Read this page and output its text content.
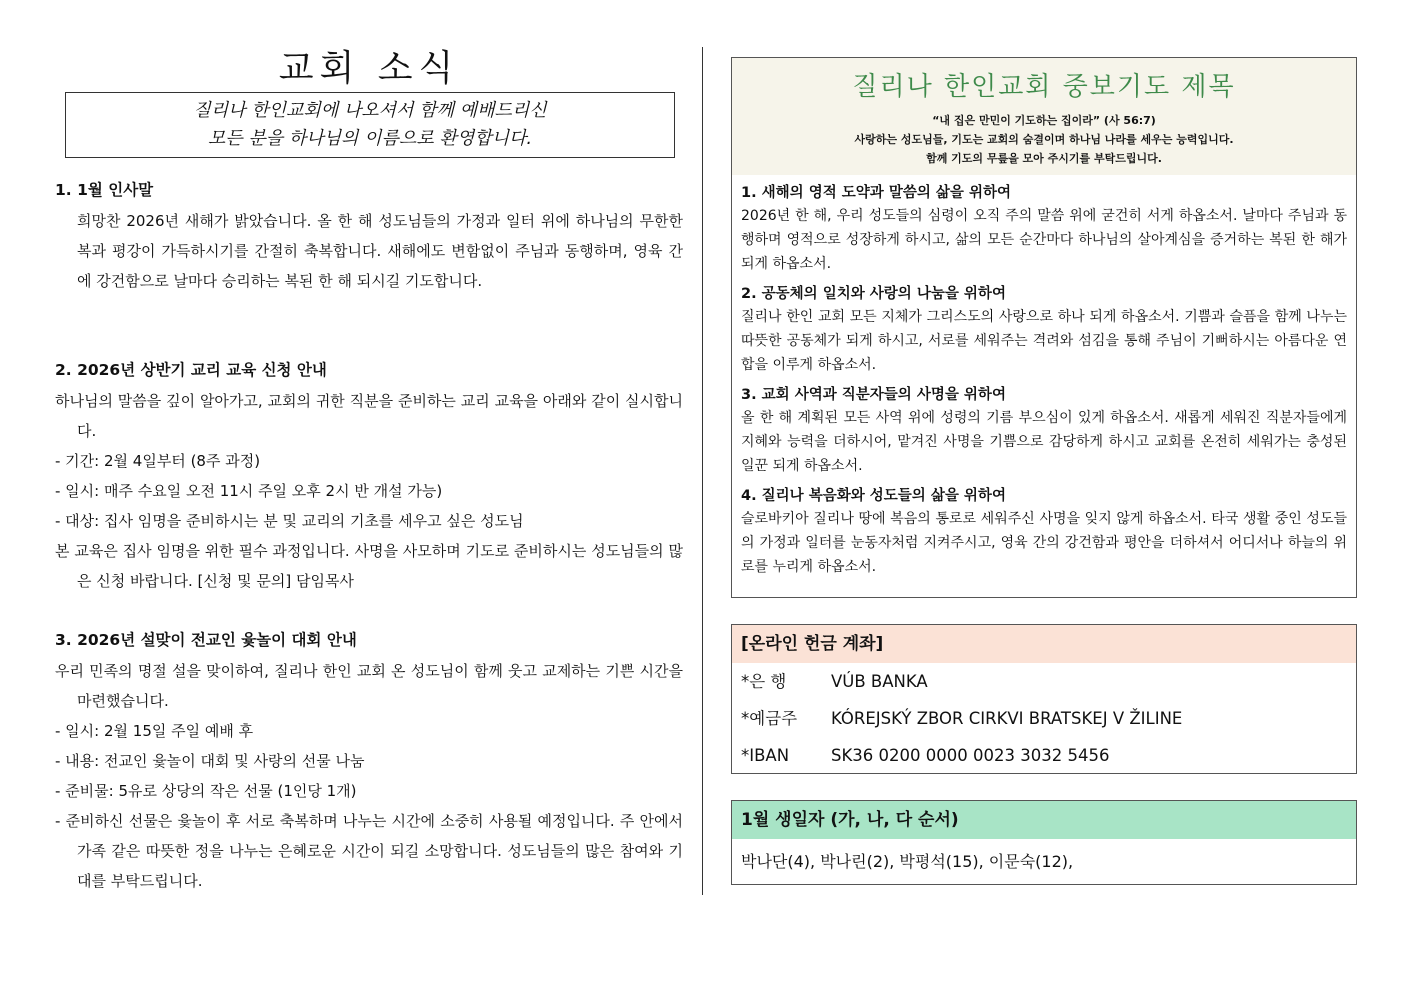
교회 소식
질리나 한인교회에 나오셔서 함께 예배드리신
모든 분을 하나님의 이름으로 환영합니다.
1. 1월 인사말

희망찬 2026년 새해가 밝았습니다. 올 한 해 성도님들의 가정과 일터 위에 하나님의 무한한 복과 평강이 가득하시기를 간절히 축복합니다. 새해에도 변함없이 주님과 동행하며, 영육 간에 강건함으로 날마다 승리하는 복된 한 해 되시길 기도합니다.

2. 2026년 상반기 교리 교육 신청 안내

하나님의 말씀을 깊이 알아가고, 교회의 귀한 직분을 준비하는 교리 교육을 아래와 같이 실시합니다.

- 기간: 2월 4일부터 (8주 과정)

- 일시: 매주 수요일 오전 11시 주일 오후 2시 반 개설 가능)

- 대상: 집사 임명을 준비하시는 분 및 교리의 기초를 세우고 싶은 성도님

본 교육은 집사 임명을 위한 필수 과정입니다. 사명을 사모하며 기도로 준비하시는 성도님들의 많은 신청 바랍니다. [신청 및 문의] 담임목사

3. 2026년 설맞이 전교인 윷놀이 대회 안내

우리 민족의 명절 설을 맞이하여, 질리나 한인 교회 온 성도님이 함께 웃고 교제하는 기쁜 시간을 마련했습니다.

- 일시: 2월 15일 주일 예배 후

- 내용: 전교인 윷놀이 대회 및 사랑의 선물 나눔

- 준비물: 5유로 상당의 작은 선물 (1인당 1개)

- 준비하신 선물은 윷놀이 후 서로 축복하며 나누는 시간에 소중히 사용될 예정입니다. 주 안에서 가족 같은 따뜻한 정을 나누는 은혜로운 시간이 되길 소망합니다. 성도님들의 많은 참여와 기대를 부탁드립니다.

질리나 한인교회 중보기도 제목
“내 집은 만민이 기도하는 집이라” (사 56:7)
사랑하는 성도님들, 기도는 교회의 숨결이며 하나님 나라를 세우는 능력입니다.
함께 기도의 무릎을 모아 주시기를 부탁드립니다.
1. 새해의 영적 도약과 말씀의 삶을 위하여

2026년 한 해, 우리 성도들의 심령이 오직 주의 말씀 위에 굳건히 서게 하옵소서. 날마다 주님과 동행하며 영적으로 성장하게 하시고, 삶의 모든 순간마다 하나님의 살아계심을 증거하는 복된 한 해가 되게 하옵소서.

2. 공동체의 일치와 사랑의 나눔을 위하여

질리나 한인 교회 모든 지체가 그리스도의 사랑으로 하나 되게 하옵소서. 기쁨과 슬픔을 함께 나누는 따뜻한 공동체가 되게 하시고, 서로를 세워주는 격려와 섬김을 통해 주님이 기뻐하시는 아름다운 연합을 이루게 하옵소서.

3. 교회 사역과 직분자들의 사명을 위하여

올 한 해 계획된 모든 사역 위에 성령의 기름 부으심이 있게 하옵소서. 새롭게 세워진 직분자들에게 지혜와 능력을 더하시어, 맡겨진 사명을 기쁨으로 감당하게 하시고 교회를 온전히 세워가는 충성된 일꾼 되게 하옵소서.

4. 질리나 복음화와 성도들의 삶을 위하여

슬로바키아 질리나 땅에 복음의 통로로 세워주신 사명을 잊지 않게 하옵소서. 타국 생활 중인 성도들의 가정과 일터를 눈동자처럼 지켜주시고, 영육 간의 강건함과 평안을 더하셔서 어디서나 하늘의 위로를 누리게 하옵소서.

[온라인 헌금 계좌]
*은 행	VÚB BANKA
*예금주	KÓREJSKÝ ZBOR CIRKVI BRATSKEJ V ŽILINE
*IBAN	SK36 0200 0000 0023 3032 5456
1월 생일자 (가, 나, 다 순서)
박나단(4), 박나린(2), 박평석(15), 이문숙(12),
